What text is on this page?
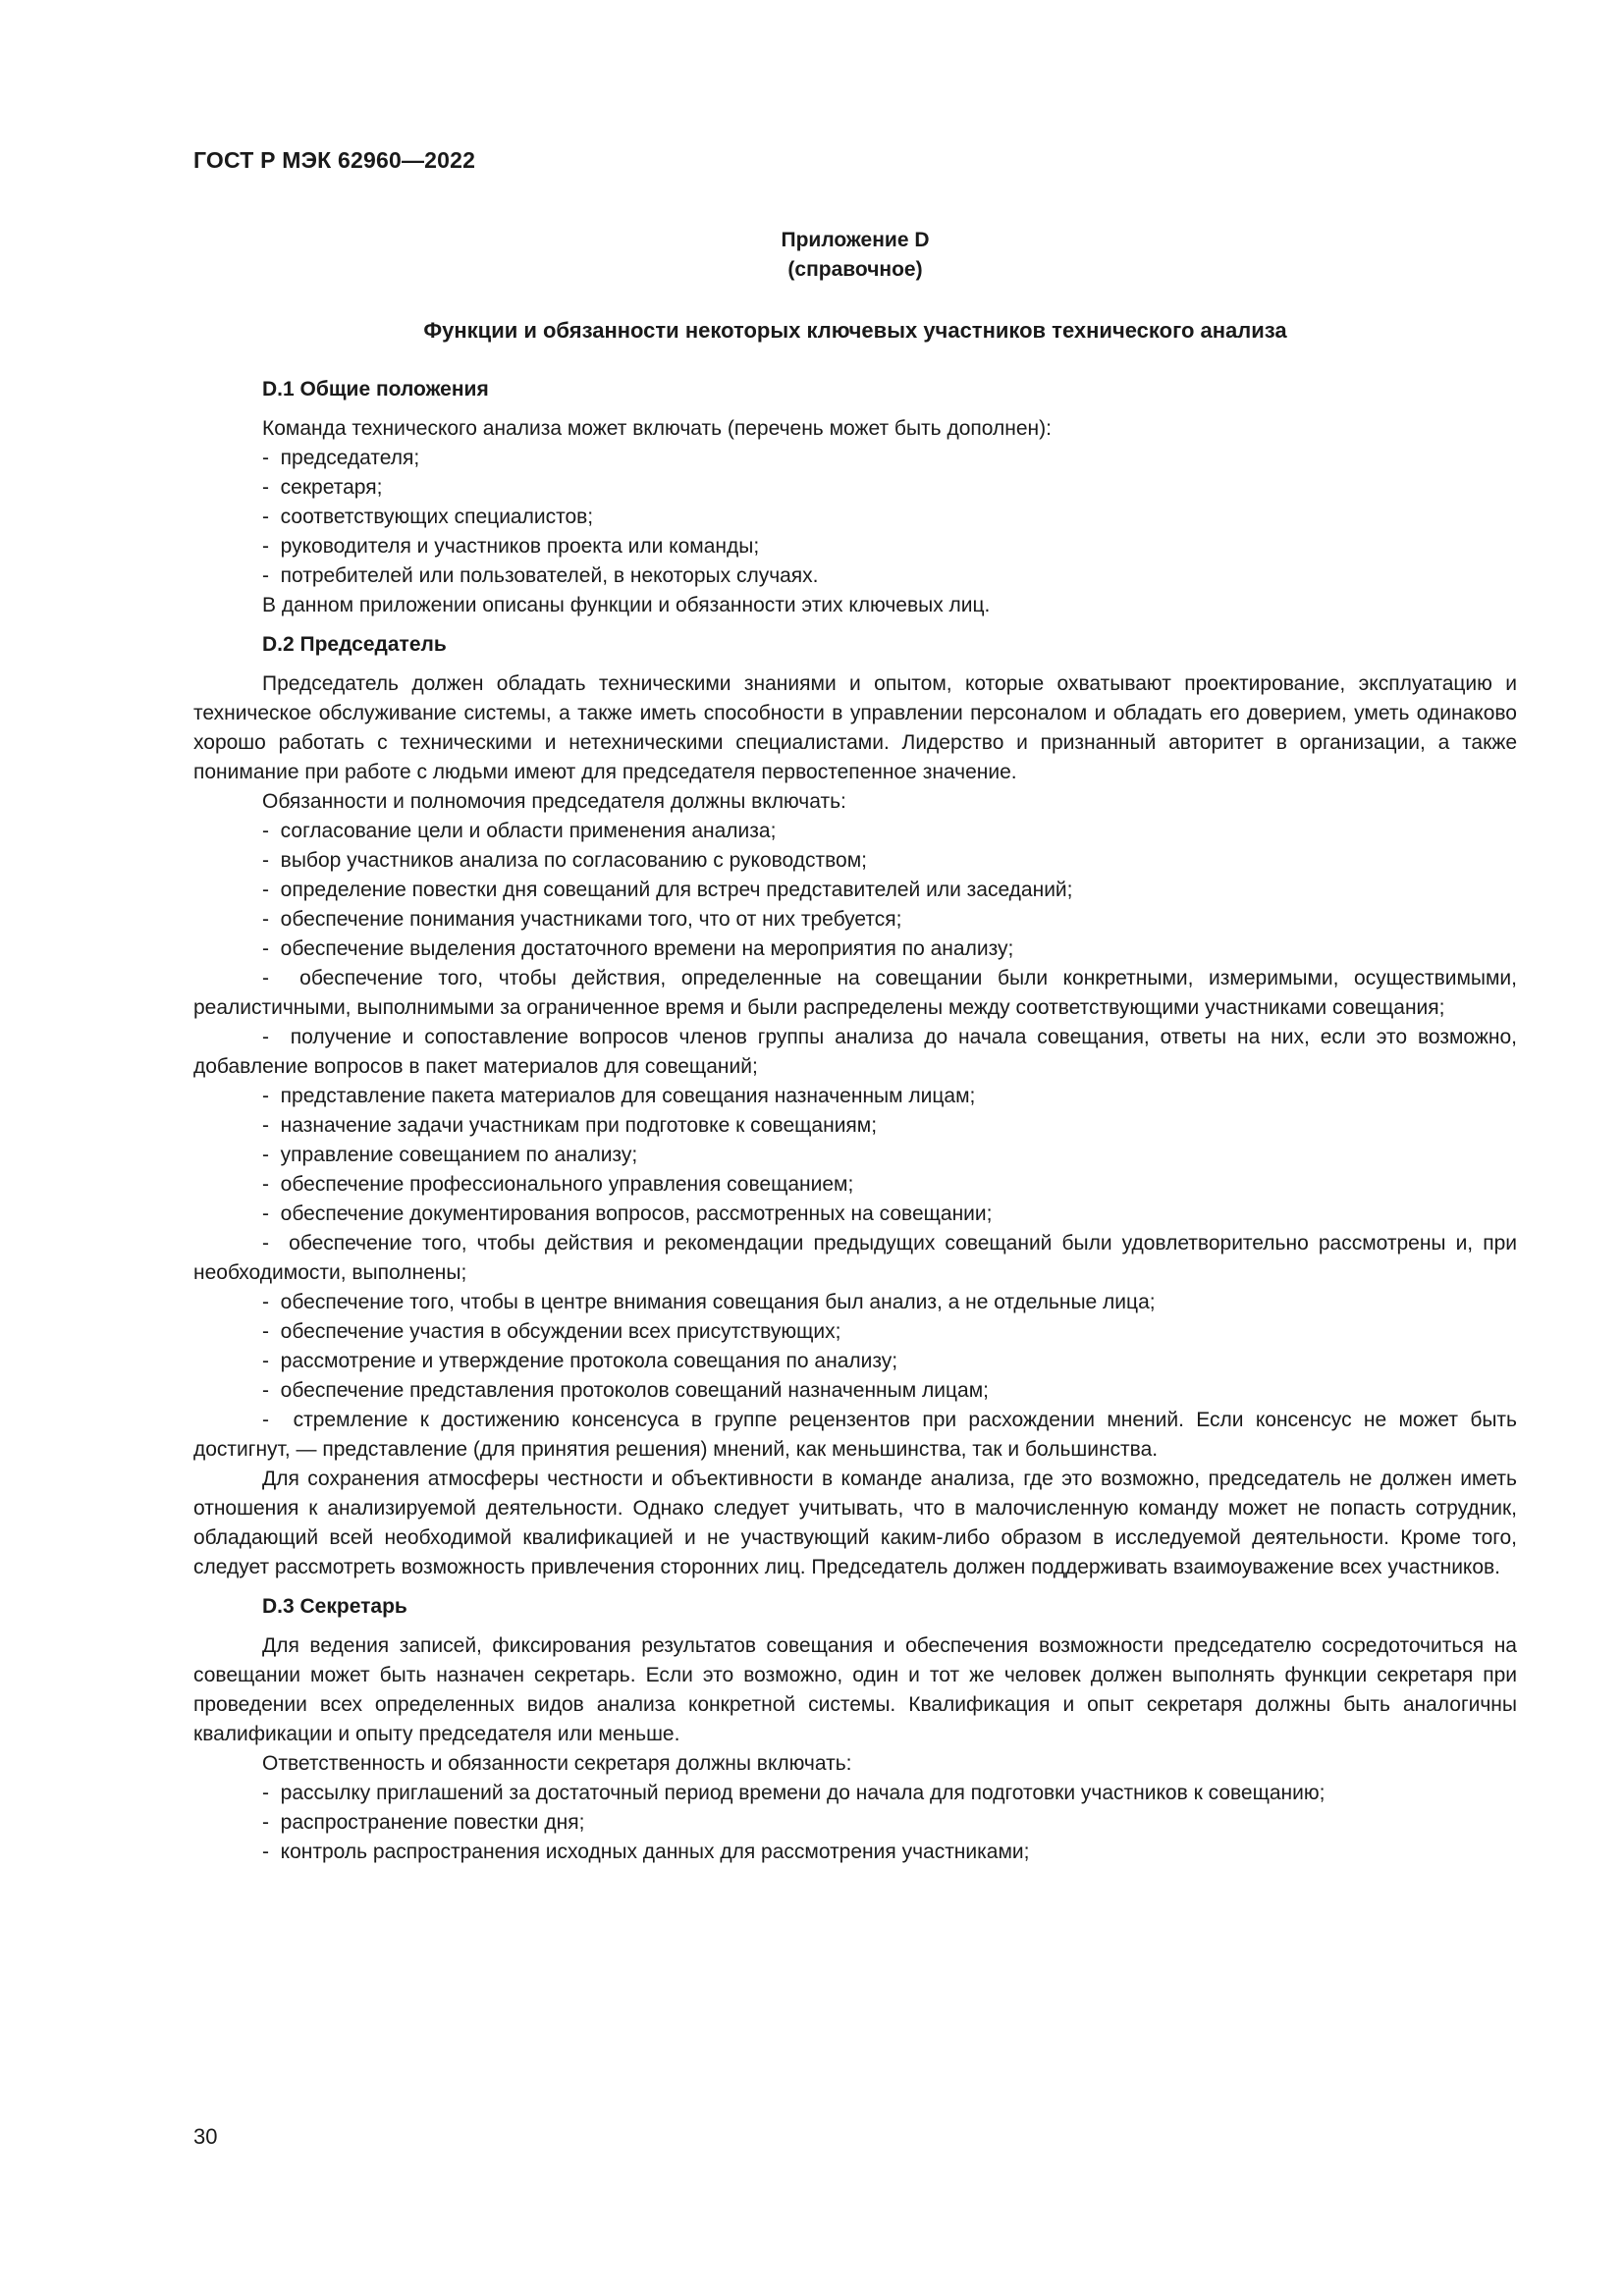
ГОСТ Р МЭК 62960—2022

Приложение D

(справочное)

Функции и обязанности некоторых ключевых участников технического анализа

D.1 Общие положения

Команда технического анализа может включать (перечень может быть дополнен):

-  председателя;
-  секретаря;
-  соответствующих специалистов;
-  руководителя и участников проекта или команды;
-  потребителей или пользователей, в некоторых случаях.

В данном приложении описаны функции и обязанности этих ключевых лиц.

D.2 Председатель

Председатель должен обладать техническими знаниями и опытом, которые охватывают проектирование, эксплуатацию и техническое обслуживание системы, а также иметь способности в управлении персоналом и обладать его доверием, уметь одинаково хорошо работать с техническими и нетехническими специалистами. Лидерство и признанный авторитет в организации, а также понимание при работе с людьми имеют для председателя первостепенное значение.

Обязанности и полномочия председателя должны включать:

-  согласование цели и области применения анализа;
-  выбор участников анализа по согласованию с руководством;
-  определение повестки дня совещаний для встреч представителей или заседаний;
-  обеспечение понимания участниками того, что от них требуется;
-  обеспечение выделения достаточного времени на мероприятия по анализу;
-  обеспечение того, чтобы действия, определенные на совещании были конкретными, измеримыми, осуществимыми, реалистичными, выполнимыми за ограниченное время и были распределены между соответствующими участниками совещания;
-  получение и сопоставление вопросов членов группы анализа до начала совещания, ответы на них, если это возможно, добавление вопросов в пакет материалов для совещаний;
-  представление пакета материалов для совещания назначенным лицам;
-  назначение задачи участникам при подготовке к совещаниям;
-  управление совещанием по анализу;
-  обеспечение профессионального управления совещанием;
-  обеспечение документирования вопросов, рассмотренных на совещании;
-  обеспечение того, чтобы действия и рекомендации предыдущих совещаний были удовлетворительно рассмотрены и, при необходимости, выполнены;
-  обеспечение того, чтобы в центре внимания совещания был анализ, а не отдельные лица;
-  обеспечение участия в обсуждении всех присутствующих;
-  рассмотрение и утверждение протокола совещания по анализу;
-  обеспечение представления протоколов совещаний назначенным лицам;
-  стремление к достижению консенсуса в группе рецензентов при расхождении мнений. Если консенсус не может быть достигнут, — представление (для принятия решения) мнений, как меньшинства, так и большинства.

Для сохранения атмосферы честности и объективности в команде анализа, где это возможно, председатель не должен иметь отношения к анализируемой деятельности. Однако следует учитывать, что в малочисленную команду может не попасть сотрудник, обладающий всей необходимой квалификацией и не участвующий каким-либо образом в исследуемой деятельности. Кроме того, следует рассмотреть возможность привлечения сторонних лиц. Председатель должен поддерживать взаимоуважение всех участников.

D.3 Секретарь

Для ведения записей, фиксирования результатов совещания и обеспечения возможности председателю сосредоточиться на совещании может быть назначен секретарь. Если это возможно, один и тот же человек должен выполнять функции секретаря при проведении всех определенных видов анализа конкретной системы. Квалификация и опыт секретаря должны быть аналогичны квалификации и опыту председателя или меньше.

Ответственность и обязанности секретаря должны включать:

-  рассылку приглашений за достаточный период времени до начала для подготовки участников к совещанию;
-  распространение повестки дня;
-  контроль распространения исходных данных для рассмотрения участниками;
30
